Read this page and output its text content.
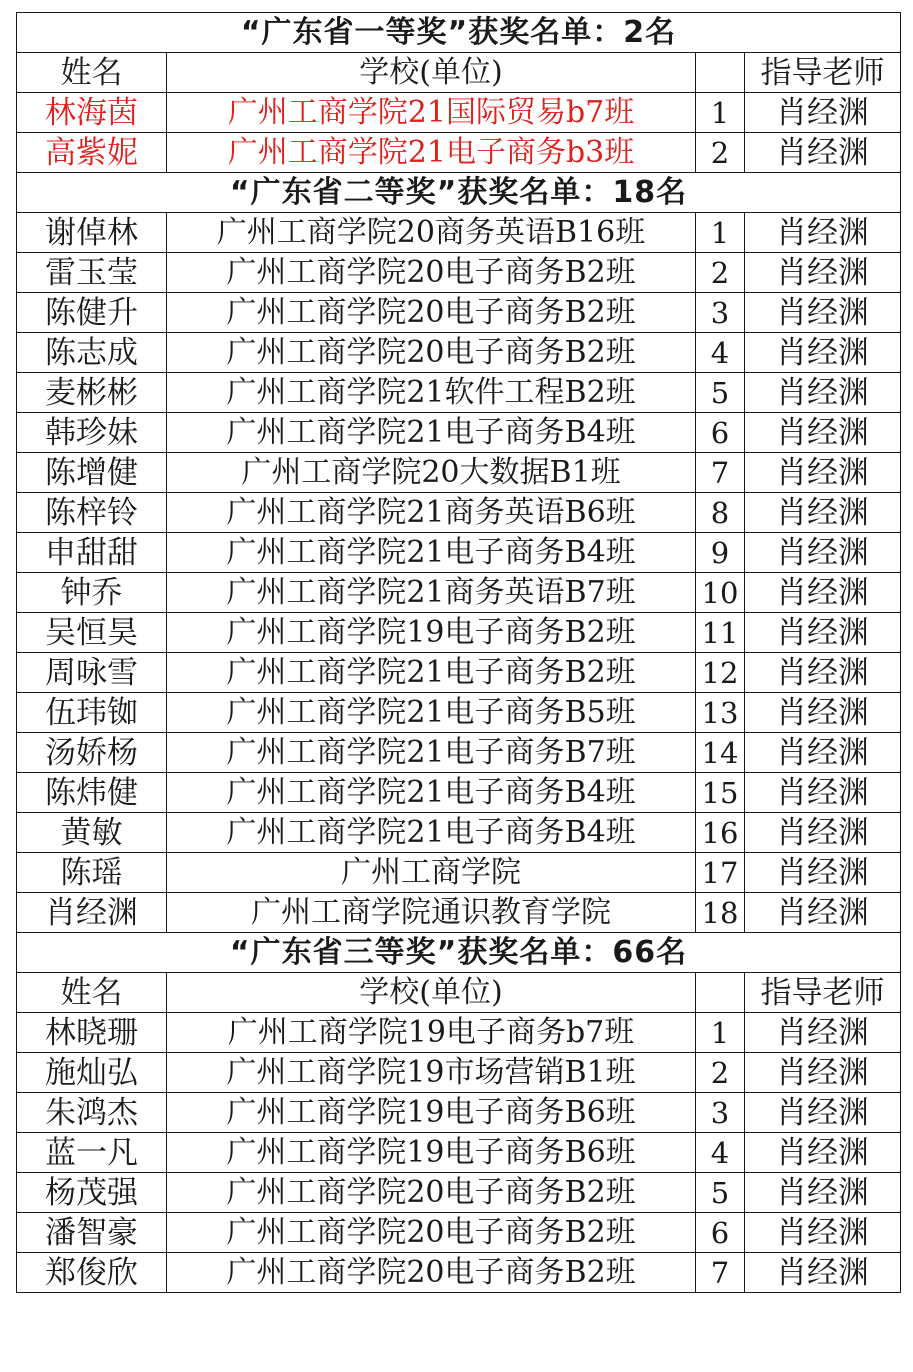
“广东省一等奖”获奖名单：2名			
姓名	学校(单位)		指导老师
林海茵	广州工商学院21国际贸易b7班	1	肖经渊
高紫妮	广州工商学院21电子商务b3班	2	肖经渊
“广东省二等奖”获奖名单：18名			
谢倬林	广州工商学院20商务英语B16班	1	肖经渊
雷玉莹	广州工商学院20电子商务B2班	2	肖经渊
陈健升	广州工商学院20电子商务B2班	3	肖经渊
陈志成	广州工商学院20电子商务B2班	4	肖经渊
麦彬彬	广州工商学院21软件工程B2班	5	肖经渊
韩珍妹	广州工商学院21电子商务B4班	6	肖经渊
陈增健	广州工商学院20大数据B1班	7	肖经渊
陈梓铃	广州工商学院21商务英语B6班	8	肖经渊
申甜甜	广州工商学院21电子商务B4班	9	肖经渊
钟乔	广州工商学院21商务英语B7班	10	肖经渊
吴恒昊	广州工商学院19电子商务B2班	11	肖经渊
周咏雪	广州工商学院21电子商务B2班	12	肖经渊
伍玮铷	广州工商学院21电子商务B5班	13	肖经渊
汤娇杨	广州工商学院21电子商务B7班	14	肖经渊
陈炜健	广州工商学院21电子商务B4班	15	肖经渊
黄敏	广州工商学院21电子商务B4班	16	肖经渊
陈瑶	广州工商学院	17	肖经渊
肖经渊	广州工商学院通识教育学院	18	肖经渊
“广东省三等奖”获奖名单：66名			
姓名	学校(单位)		指导老师
林晓珊	广州工商学院19电子商务b7班	1	肖经渊
施灿弘	广州工商学院19市场营销B1班	2	肖经渊
朱鸿杰	广州工商学院19电子商务B6班	3	肖经渊
蓝一凡	广州工商学院19电子商务B6班	4	肖经渊
杨茂强	广州工商学院20电子商务B2班	5	肖经渊
潘智豪	广州工商学院20电子商务B2班	6	肖经渊
郑俊欣	广州工商学院20电子商务B2班	7	肖经渊
